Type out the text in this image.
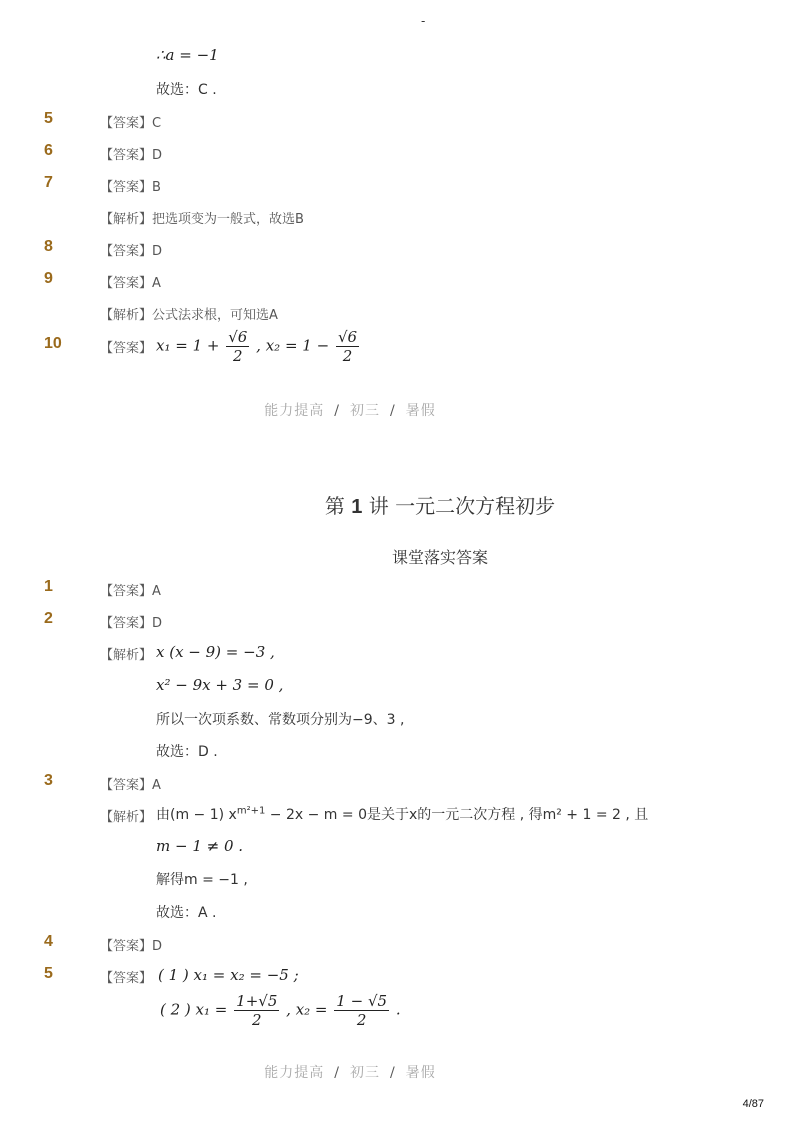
-
∴a = −1
故选：C .
5	【答案】C
6	【答案】D
7	【答案】B
【解析】把选项变为一般式，故选B
8	【答案】D
9	【答案】A
【解析】公式法求根，可知选A
10	【答案】 $x_1 = 1 + \frac{√6}{2}$ , $x_2 = 1 - \frac{√6}{2}$
能力提高 / 初三 / 暑假
第 1 讲 一元二次方程初步
课堂落实答案
1	【答案】A
2	【答案】D
【解析】 x (x − 9) = −3 ,
x² − 9x + 3 = 0 ,
所以一次项系数、常数项分别为−9、3 ,
故选：D .
3	【答案】A
【解析】 由(m − 1) $x^{m^2+1} - 2x - m = 0$是关于x的一元二次方程 , 得m² + 1 = 2 , 且
m − 1 ≠ 0 .
解得m = −1 ,
故选：A .
4	【答案】D
5	【答案】 ( 1 ) x₁ = x₂ = −5 ;
( 2 ) $x_1 = \frac{1+√5}{2}$ , $x_2 = \frac{1 - √5}{2}$ .
能力提高 / 初三 / 暑假
4/87
